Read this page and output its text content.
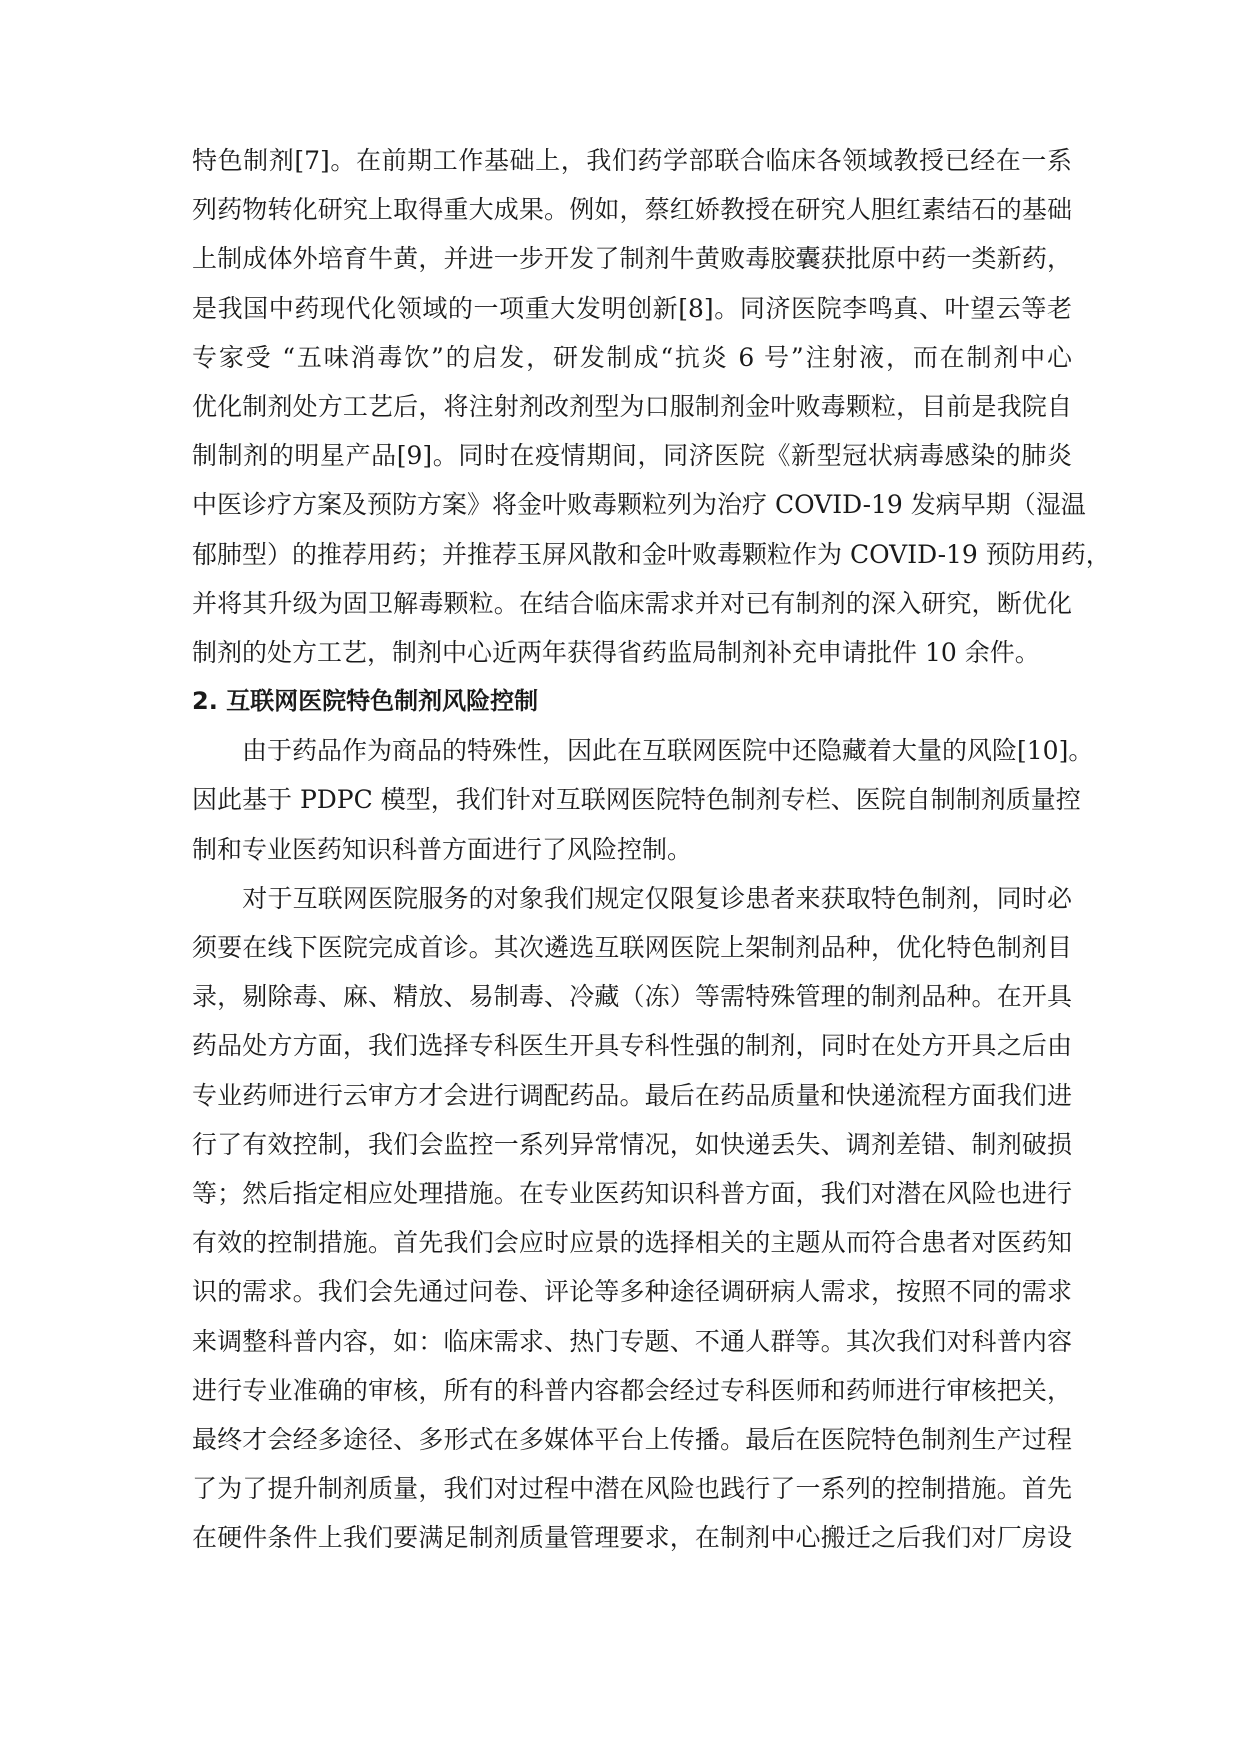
特色制剂[7]。在前期工作基础上，我们药学部联合临床各领域教授已经在一系
列药物转化研究上取得重大成果。例如，蔡红娇教授在研究人胆红素结石的基础
上制成体外培育牛黄，并进一步开发了制剂牛黄败毒胶囊获批原中药一类新药，
是我国中药现代化领域的一项重大发明创新[8]。同济医院李鸣真、叶望云等老
专家受 “五味消毒饮”的启发，研发制成“抗炎 6 号”注射液，而在制剂中心
优化制剂处方工艺后，将注射剂改剂型为口服制剂金叶败毒颗粒，目前是我院自
制制剂的明星产品[9]。同时在疫情期间，同济医院《新型冠状病毒感染的肺炎
中医诊疗方案及预防方案》将金叶败毒颗粒列为治疗 COVID-19 发病早期（湿温
郁肺型）的推荐用药；并推荐玉屏风散和金叶败毒颗粒作为 COVID-19 预防用药，
并将其升级为固卫解毒颗粒。在结合临床需求并对已有制剂的深入研究，断优化
制剂的处方工艺，制剂中心近两年获得省药监局制剂补充申请批件 10 余件。
2. 互联网医院特色制剂风险控制
　　由于药品作为商品的特殊性，因此在互联网医院中还隐藏着大量的风险[10]。
因此基于 PDPC 模型，我们针对互联网医院特色制剂专栏、医院自制制剂质量控
制和专业医药知识科普方面进行了风险控制。
　　对于互联网医院服务的对象我们规定仅限复诊患者来获取特色制剂，同时必
须要在线下医院完成首诊。其次遴选互联网医院上架制剂品种，优化特色制剂目
录，剔除毒、麻、精放、易制毒、冷藏（冻）等需特殊管理的制剂品种。在开具
药品处方方面，我们选择专科医生开具专科性强的制剂，同时在处方开具之后由
专业药师进行云审方才会进行调配药品。最后在药品质量和快递流程方面我们进
行了有效控制，我们会监控一系列异常情况，如快递丢失、调剂差错、制剂破损
等；然后指定相应处理措施。在专业医药知识科普方面，我们对潜在风险也进行
有效的控制措施。首先我们会应时应景的选择相关的主题从而符合患者对医药知
识的需求。我们会先通过问卷、评论等多种途径调研病人需求，按照不同的需求
来调整科普内容，如：临床需求、热门专题、不通人群等。其次我们对科普内容
进行专业准确的审核，所有的科普内容都会经过专科医师和药师进行审核把关，
最终才会经多途径、多形式在多媒体平台上传播。最后在医院特色制剂生产过程
了为了提升制剂质量，我们对过程中潜在风险也践行了一系列的控制措施。首先
在硬件条件上我们要满足制剂质量管理要求，在制剂中心搬迁之后我们对厂房设
